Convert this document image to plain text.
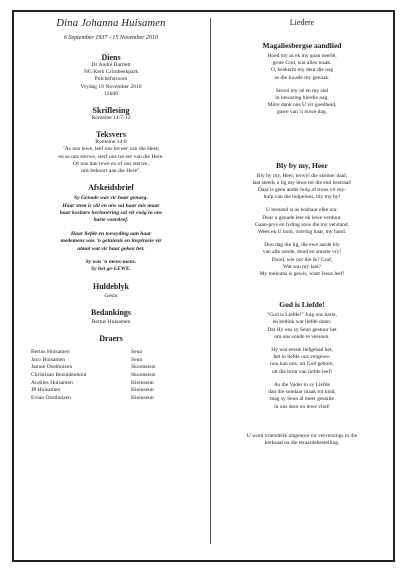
Dina Johanna Huisamen
6 September 1937 - 15 November 2010
Diens
Dr André Bartlett
NG Kerk Grimbeekpark
Potchefstroom
Vrydag 19 November 2010
12h00
Skriflesing
Romeine 14:7-12
Teksvers
Romeine 14:8
"As ons lewe, leef ons tot eer van die Here;
en as ons sterwe, sterf ons tot eer van die Here.
Of ons dan lewe en of ons sterwe,
ons behoort aan die Here".
Afskeidsbrief
Sy Genade was vir haar genoeg.
Haar stem is stil en ons sal haar mis maar
haar kosbare herinnering sal vir ewig in ons
harte voortleef.
Haar liefde en toewyding aan haar
medemens was 'n getuienis en inspirasie vir
almal wat vir haar geken het.
Sy was 'n mens-mens.
Sy het ge-LEWE.
Huldeblyk
Gesin
Bedankings
Bertus Huisamen
Draers
Bertus Huisamen	Seun
Jaco Huisamen	Seun
Jannie Oosthuizen	Skoonseun
Christiaan Bezuidenhout	Skoonseun
Andries Huisamen	Kleinseun
JP Huisamen	Kleinseun
Evian Oosthuizen	Kleinseun
Liedere
Magaliesbergse aandlied
Hoed my as ek my gaan neerlê,
grote God, wat alles waak.
O, beskerm my deur die nag
as die kwade my genaak.
Strooi my oë en my siel
in bewaring hierdie nag.
Môre dank ons U vir goedheid,
gawe van 'n nuwe dag.
Bly by my, Heer
Bly by my, Heer, terwyl die skemer daal;
laat steeds u lig my lewe tot die end bestraal!
Daar is geen ander hulp of troos vir my-
hulp van die hulpeloos, bly my by!
U bestand is as kosbaar elke uur.
Deur u genade leer ek lewe verduur.
Gaan-prys en lyding soos die my verstand,
Wees ek U hom, ontvlug haar, my hand.
Dou dag die lig, die ewe aarde bly
van alle sonde, dood en smarte vry!
Dood, wie oor die ik? Graf,
Wat sou my laat?
My toekoms is gewis, want Jesus leef!
God is Liefde!
"God is Liefde!" Juig ons harte,
en bedink wat liefde doen:
Dat Hy ons sy Seun gestuur het
om ons sonde te versoen.
Hy wat eerste liefgehad het,
het in liefde ons vergewe-
nou kan ons, uit God gebore,
uit die bron van liefde leef!
As die Vader in sy Liefde
dan die sondaar maak tot kind,
mag sy Seun al meer gestalte
in ons deur en lewe vind!
U word vriendelik uitgenooi vir verversings in die
kerksaal na die teraardebestelling.
